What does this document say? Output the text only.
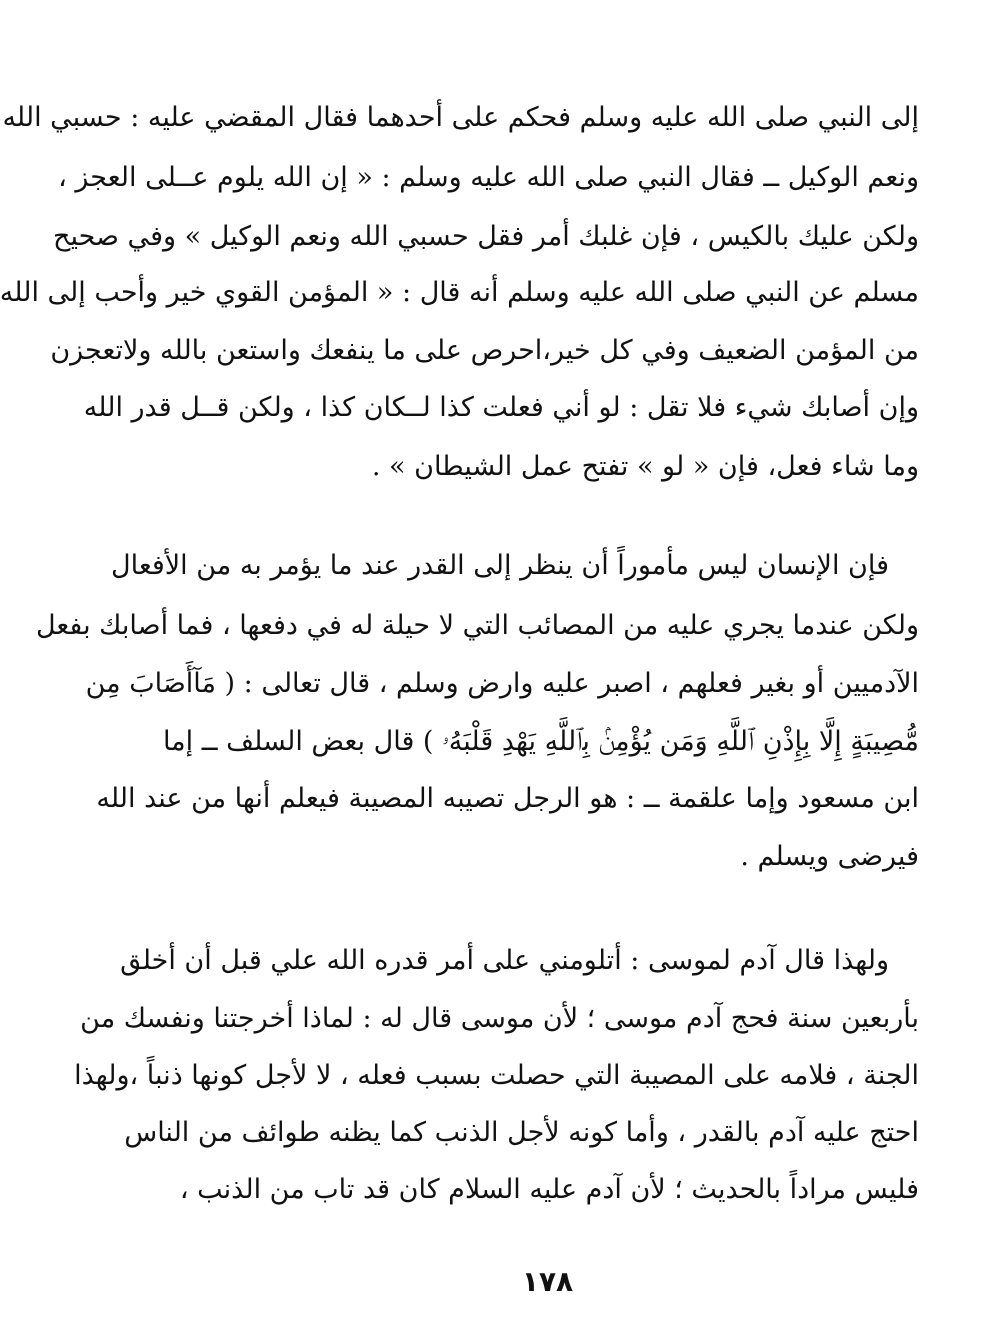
إلى النبي صلى الله عليه وسلم فحكم على أحدهما فقال المقضي عليه : حسبي الله
ونعم الوكيل ــ فقال النبي صلى الله عليه وسلم : « إن الله يلوم عــلى العجز ،
ولكن عليك بالكيس ، فإن غلبك أمر فقل حسبي الله ونعم الوكيل » وفي صحيح
مسلم عن النبي صلى الله عليه وسلم أنه قال : « المؤمن القوي خير وأحب إلى الله
من المؤمن الضعيف وفي كل خير،احرص على ما ينفعك واستعن بالله ولاتعجزن
وإن أصابك شيء فلا تقل : لو أني فعلت كذا لــكان كذا ، ولكن قــل قدر الله
وما شاء فعل، فإن « لو » تفتح عمل الشيطان » .
فإن الإنسان ليس مأموراً أن ينظر إلى القدر عند ما يؤمر به من الأفعال
ولكن عندما يجري عليه من المصائب التي لا حيلة له في دفعها ، فما أصابك بفعل
الآدميين أو بغير فعلهم ، اصبر عليه وارض وسلم ، قال تعالى : ( مَآأَصَابَ مِن
مُّصِيبَةٍ إِلَّا بِإِذْنِ ٱللَّهِ وَمَن يُؤْمِنۢ بِٱللَّهِ يَهْدِ قَلْبَهُۥ ) قال بعض السلف ــ إما
ابن مسعود وإما علقمة ــ : هو الرجل تصيبه المصيبة فيعلم أنها من عند الله
فيرضى ويسلم .
ولهذا قال آدم لموسى : أتلومني على أمر قدره الله علي قبل أن أخلق
بأربعين سنة فحج آدم موسى ؛ لأن موسى قال له : لماذا أخرجتنا ونفسك من
الجنة ، فلامه على المصيبة التي حصلت بسبب فعله ، لا لأجل كونها ذنباً ،ولهذا
احتج عليه آدم بالقدر ، وأما كونه لأجل الذنب كما يظنه طوائف من الناس
فليس مراداً بالحديث ؛ لأن آدم عليه السلام كان قد تاب من الذنب ،
١٧٨
